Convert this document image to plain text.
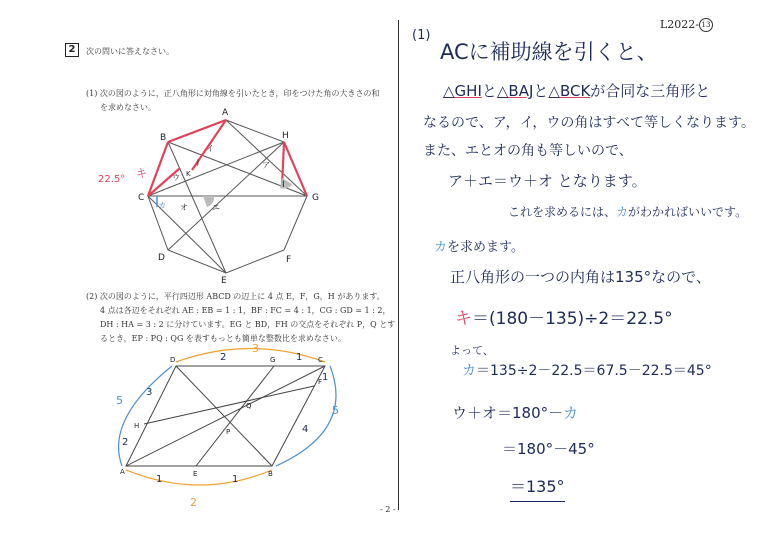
L2022- 13
2	次の問いに答えなさい。
(1) 次の図のように，正八角形に対角線を引いたとき，印をつけた角の大きさの和
を求めなさい。
(2) 次の図のように，平行四辺形 ABCD の辺上に 4 点 E，F，G，H があります。
4 点は各辺をそれぞれ AE : EB = 1 : 1，BF : FC = 4 : 1，CG : GD = 1 : 2，
DH : HA = 3 : 2 に分けています。EG と BD，FH の交点をそれぞれ P，Q とす
るとき，EP : PQ : QG を表すもっとも簡単な整数比を求めなさい。
- 2 -
A
B	H
C	G
D	F
E
I
J
K
ア
イ
ウ
エ
オ
カ
キ
22.5°
A	B
C
D
E
F
G
H
P
Q
2	1
3
2
1	1
1
4
3
2
5
5
(1)
ACに補助線を引くと、
△GHIと△BAJと△BCKが合同な三角形と
なるので、ア，イ，ウの角はすべて等しくなります。
また、エとオの角も等しいので、
ア＋エ＝ウ＋オ となります。
これを求めるには、カがわかればいいです。
カを求めます。
正八角形の一つの内角は135°なので、
キ＝(180－135)÷2＝22.5°
よって、
カ＝135÷2－22.5＝67.5－22.5＝45°
ウ＋オ＝180°－カ
＝180°－45°
＝135°
